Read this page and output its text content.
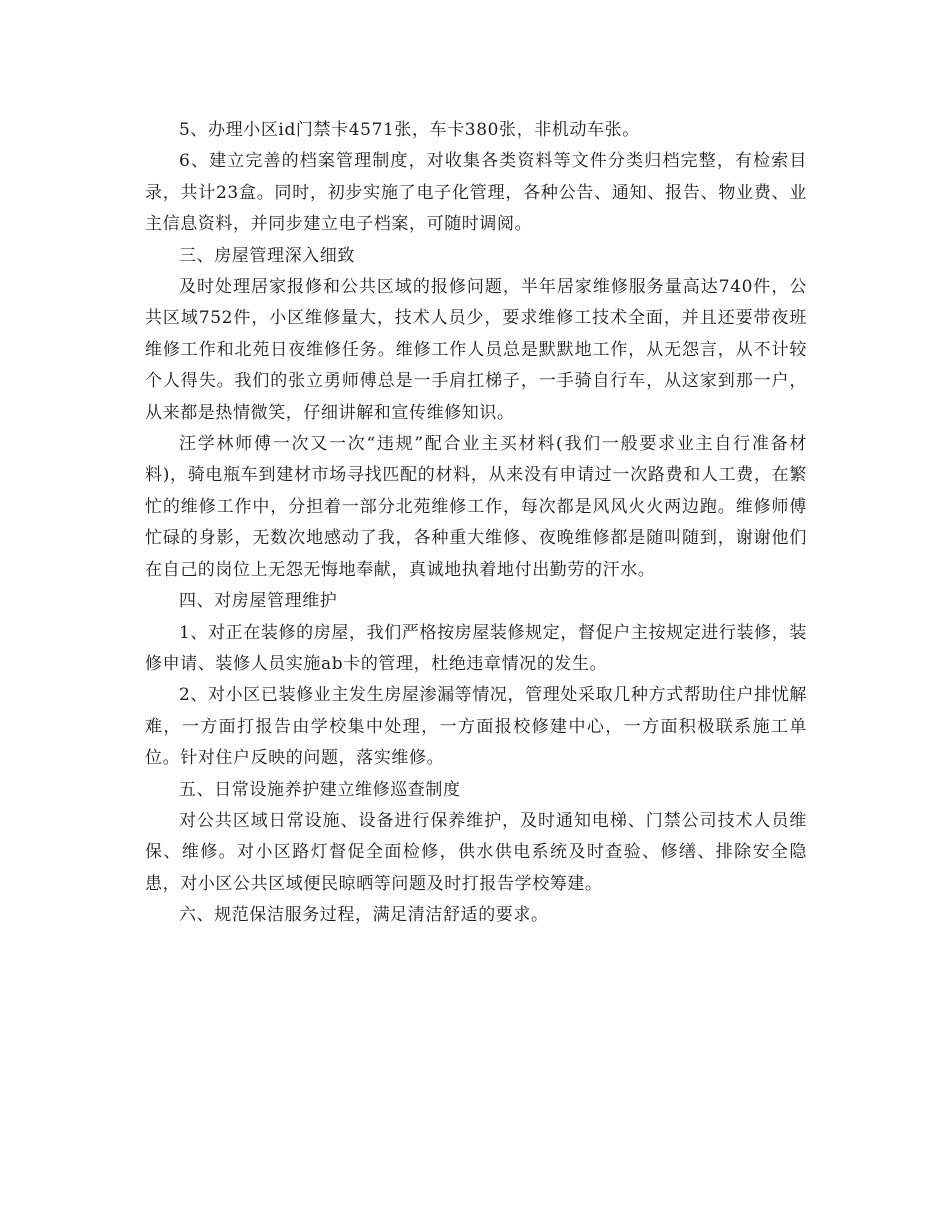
5、办理小区id门禁卡4571张，车卡380张，非机动车张。

6、建立完善的档案管理制度，对收集各类资料等文件分类归档完整，有检索目录，共计23盒。同时，初步实施了电子化管理，各种公告、通知、报告、物业费、业主信息资料，并同步建立电子档案，可随时调阅。

三、房屋管理深入细致

及时处理居家报修和公共区域的报修问题，半年居家维修服务量高达740件，公共区域752件，小区维修量大，技术人员少，要求维修工技术全面，并且还要带夜班维修工作和北苑日夜维修任务。维修工作人员总是默默地工作，从无怨言，从不计较个人得失。我们的张立勇师傅总是一手肩扛梯子，一手骑自行车，从这家到那一户，从来都是热情微笑，仔细讲解和宣传维修知识。

汪学林师傅一次又一次“违规”配合业主买材料(我们一般要求业主自行准备材料)，骑电瓶车到建材市场寻找匹配的材料，从来没有申请过一次路费和人工费，在繁忙的维修工作中，分担着一部分北苑维修工作，每次都是风风火火两边跑。维修师傅忙碌的身影，无数次地感动了我，各种重大维修、夜晚维修都是随叫随到，谢谢他们在自己的岗位上无怨无悔地奉献，真诚地执着地付出勤劳的汗水。

四、对房屋管理维护

1、对正在装修的房屋，我们严格按房屋装修规定，督促户主按规定进行装修，装修申请、装修人员实施ab卡的管理，杜绝违章情况的发生。

2、对小区已装修业主发生房屋渗漏等情况，管理处采取几种方式帮助住户排忧解难，一方面打报告由学校集中处理，一方面报校修建中心，一方面积极联系施工单位。针对住户反映的问题，落实维修。

五、日常设施养护建立维修巡查制度

对公共区域日常设施、设备进行保养维护，及时通知电梯、门禁公司技术人员维保、维修。对小区路灯督促全面检修，供水供电系统及时查验、修缮、排除安全隐患，对小区公共区域便民晾晒等问题及时打报告学校筹建。

六、规范保洁服务过程，满足清洁舒适的要求。
